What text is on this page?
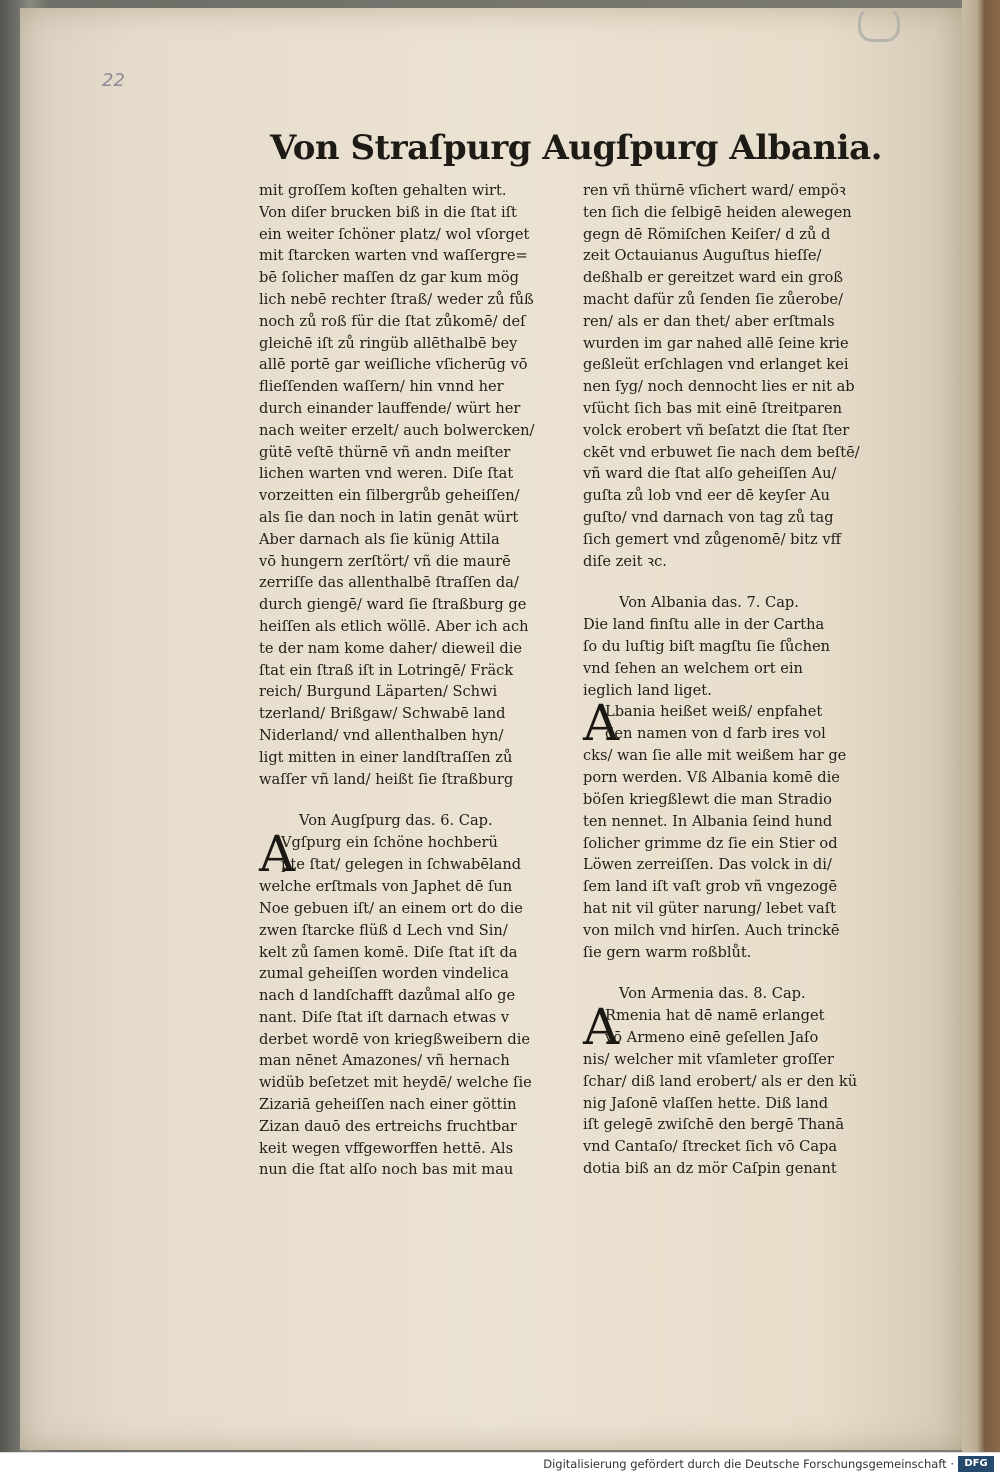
22
Von Straſpurg Augſpurg Albania.
mit groſſem koſten gehalten wirt.
Von diſer brucken biß in die ſtat iſt
ein weiter ſchöner platz/ wol vſorget
mit ſtarcken warten vnd waſſergre=
bē ſolicher maſſen dz gar kum mög
lich nebē rechter ſtraß/ weder zů fůß
noch zů roß für die ſtat zůkomē/ deſ
gleichē iſt zů ringüb allēthalbē bey
allē portē gar weiſliche vſicherūg vō
flieſſenden waſſern/ hin vnnd her
durch einander lauffende/ würt her
nach weiter erzelt/ auch bolwercken/
gütē veſtē thürnē vñ andn meiſter
lichen warten vnd weren. Diſe ſtat
vorzeitten ein ſilbergrůb geheiſſen/
als ſie dan noch in latin genāt würt
Aber darnach als ſie künig Attila
vō hungern zerſtört/ vñ die maurē
zerriſſe das allenthalbē ſtraſſen da/
durch giengē/ ward ſie ſtraßburg ge
heiſſen als etlich wöllē. Aber ich ach
te der nam kome daher/ dieweil die
ſtat ein ſtraß iſt in Lotringē/ Fräck
reich/ Burgund Läparten/ Schwi
tzerland/ Brißgaw/ Schwabē land
Niderland/ vnd allenthalben hyn/
ligt mitten in einer landſtraſſen zů
waſſer vñ land/ heißt ſie ſtraßburg
Von Augſpurg das. 6. Cap.
A
Vgſpurg ein ſchöne hochberü
pte ſtat/ gelegen in ſchwabēland
welche erſtmals von Japhet dē ſun
Noe gebuen iſt/ an einem ort do die
zwen ſtarcke flüß d Lech vnd Sin/
kelt zů ſamen komē. Diſe ſtat iſt da
zumal geheiſſen worden vindelica
nach d landſchafft dazůmal alſo ge
nant. Diſe ſtat iſt darnach etwas v
derbet wordē von kriegßweibern die
man nēnet Amazones/ vñ hernach
widüb beſetzet mit heydē/ welche ſie
Zizariā geheiſſen nach einer göttin
Zizan dauō des ertreichs fruchtbar
keit wegen vffgeworffen hettē. Als
nun die ſtat alſo noch bas mit mau
ren vñ thürnē vſichert ward/ empöꝛ
ten ſich die ſelbigē heiden alewegen
gegn dē Römiſchen Keiſer/ d zů d
zeit Octauianus Auguſtus hieſſe/
deßhalb er gereitzet ward ein groß
macht dafür zů ſenden ſie zůerobe/
ren/ als er dan thet/ aber erſtmals
wurden im gar nahed allē ſeine krie
geßleüt erſchlagen vnd erlanget kei
nen ſyg/ noch dennocht lies er nit ab
vſücht ſich bas mit einē ſtreitparen
volck erobert vñ beſatzt die ſtat ſter
ckēt vnd erbuwet ſie nach dem beſtē/
vñ ward die ſtat alſo geheiſſen Au/
guſta zů lob vnd eer dē keyſer Au
guſto/ vnd darnach von tag zů tag
ſich gemert vnd zůgenomē/ bitz vff
diſe zeit ꝛc.
Von Albania das. 7. Cap.
Die land finſtu alle in der Cartha
ſo du luſtig biſt magſtu ſie ſůchen
vnd ſehen an welchem ort ein
ieglich land liget.
A
Lbania heißet weiß/ enpfahet
den namen von d farb ires vol
cks/ wan ſie alle mit weißem har ge
porn werden. Vß Albania komē die
böſen kriegßlewt die man Stradio
ten nennet. In Albania ſeind hund
ſolicher grimme dz ſie ein Stier od
Löwen zerreiſſen. Das volck in di/
ſem land iſt vaſt grob vñ vngezogē
hat nit vil güter narung/ lebet vaſt
von milch vnd hirſen. Auch trinckē
ſie gern warm roßblůt.
Von Armenia das. 8. Cap.
A
Rmenia hat dē namē erlanget
vō Armeno einē geſellen Jaſo
nis/ welcher mit vſamleter groſſer
ſchar/ diß land erobert/ als er den kü
nig Jaſonē vlaſſen hette. Diß land
iſt gelegē zwiſchē den bergē Thanā
vnd Cantaſo/ ſtrecket ſich vō Capa
dotia biß an dz mör Caſpin genant
Digitalisierung gefördert durch die Deutsche Forschungsgemeinschaft ·	DFG
